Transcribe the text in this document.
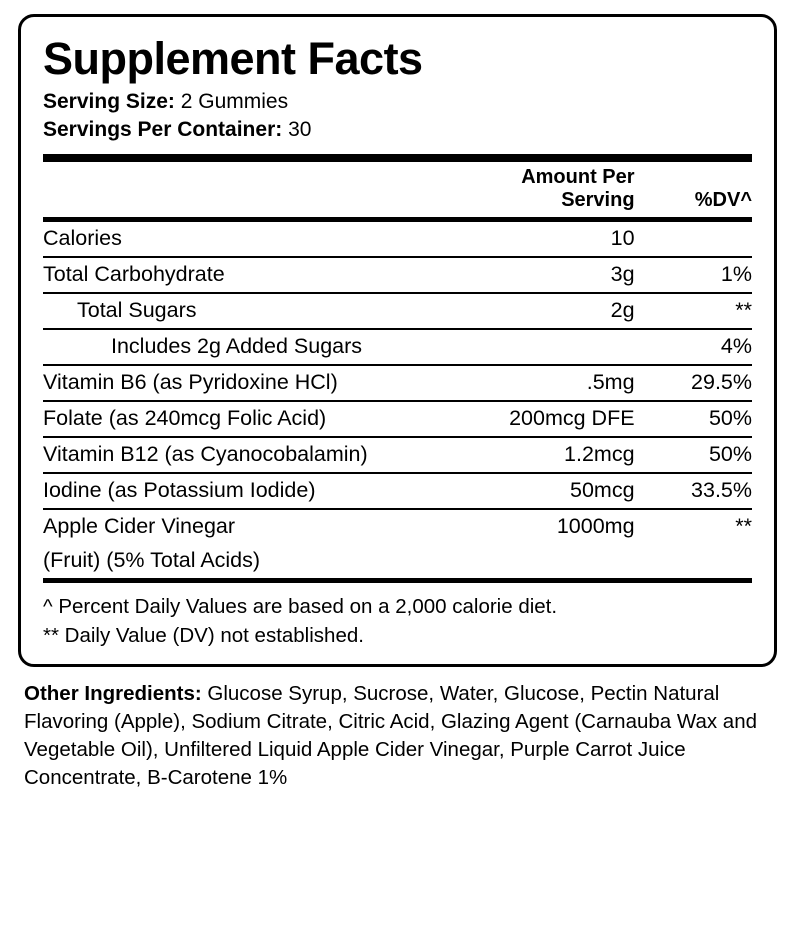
Supplement Facts
Serving Size: 2 Gummies
Servings Per Container: 30
	Amount Per Serving	%DV^
Calories	10	
Total Carbohydrate	3g	1%
Total Sugars	2g	**
Includes 2g Added Sugars		4%
Vitamin B6 (as Pyridoxine HCl)	.5mg	29.5%
Folate (as 240mcg Folic Acid)	200mcg DFE	50%
Vitamin B12 (as Cyanocobalamin)	1.2mcg	50%
Iodine (as Potassium Iodide)	50mcg	33.5%
Apple Cider Vinegar	1000mg	**
(Fruit) (5% Total Acids)		
^ Percent Daily Values are based on a 2,000 calorie diet.
** Daily Value (DV) not established.
Other Ingredients: Glucose Syrup, Sucrose, Water, Glucose, Pectin Natural Flavoring (Apple), Sodium Citrate, Citric Acid, Glazing Agent (Carnauba Wax and Vegetable Oil), Unfiltered Liquid Apple Cider Vinegar, Purple Carrot Juice Concentrate, B-Carotene 1%
